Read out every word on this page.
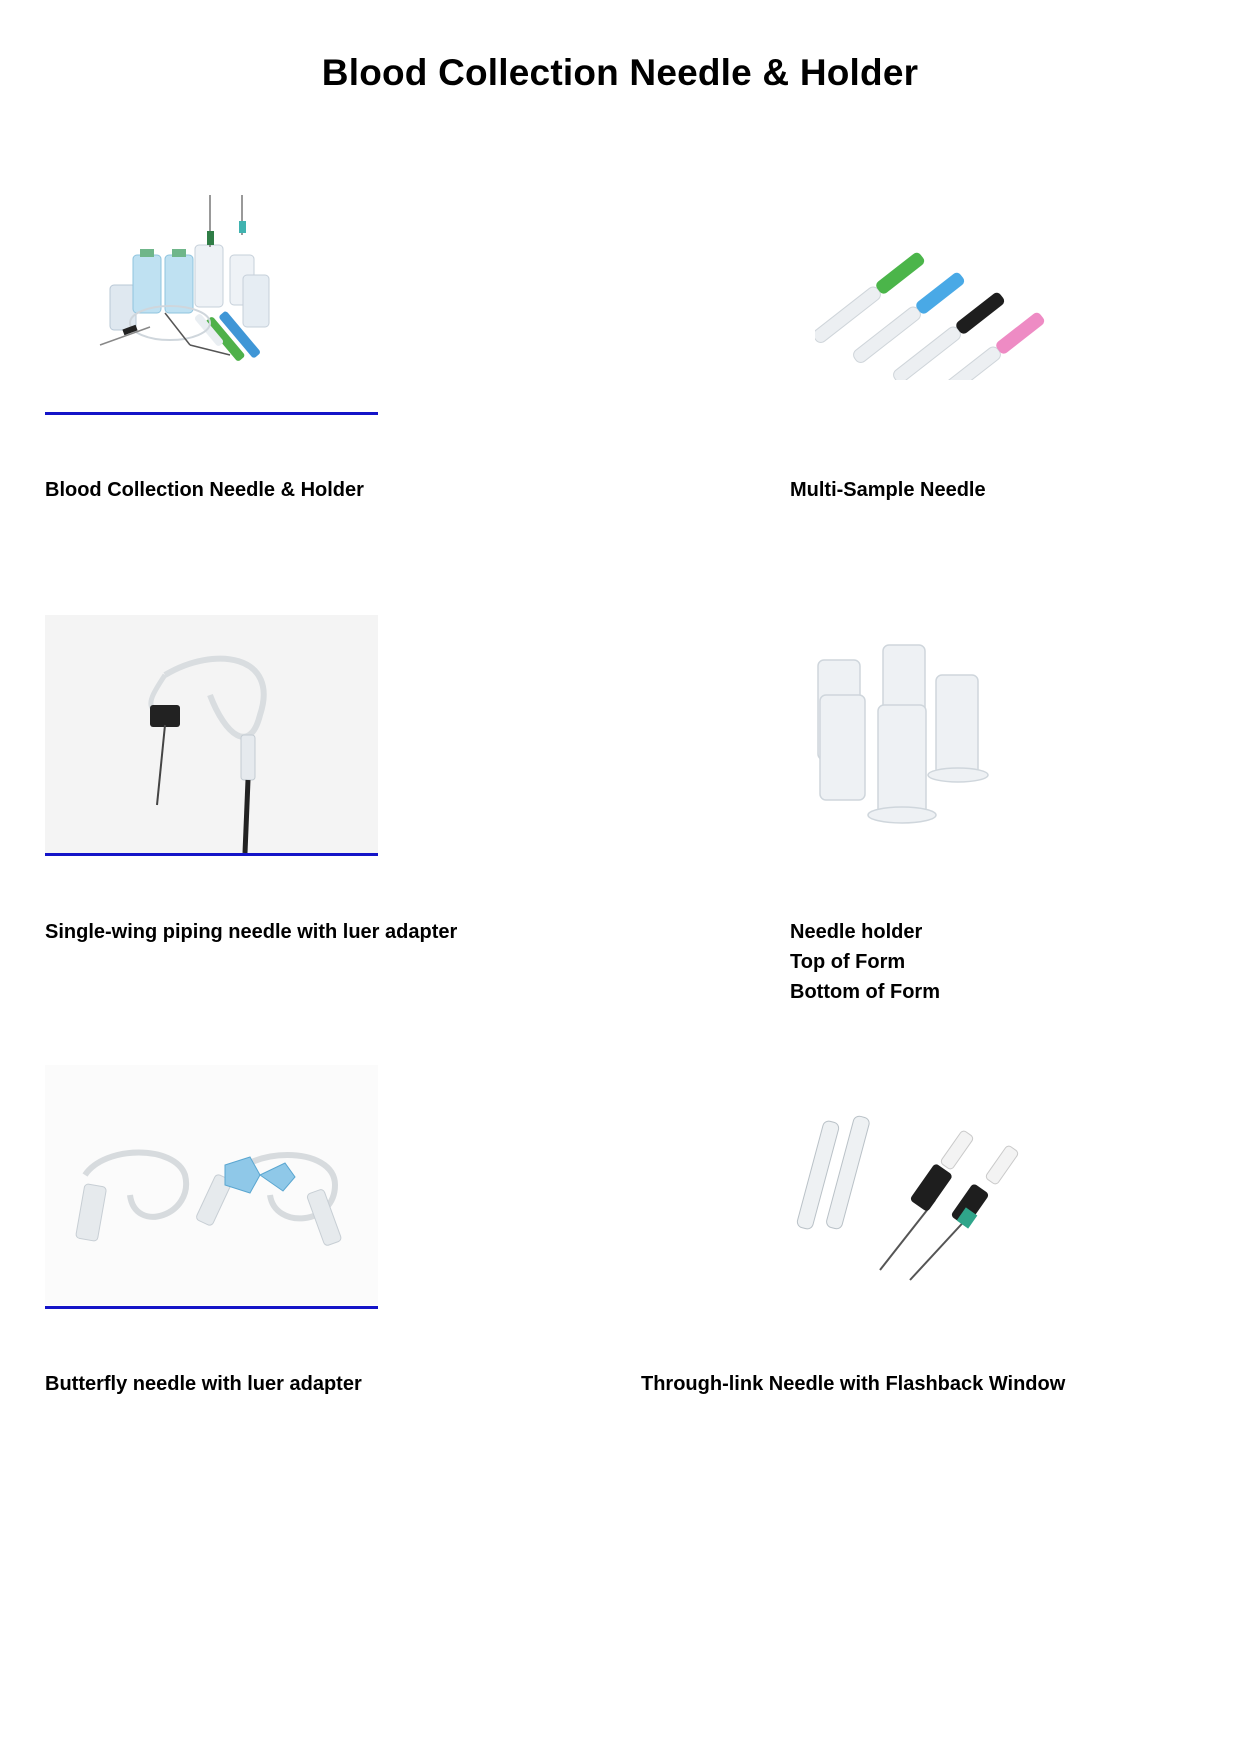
Blood Collection Needle & Holder
Blood Collection Needle & Holder	Multi-Sample Needle
Single-wing piping needle with luer adapter	Needle holder
Top of Form
Bottom of Form
Butterfly needle with luer adapter	Through-link Needle with Flashback Window
